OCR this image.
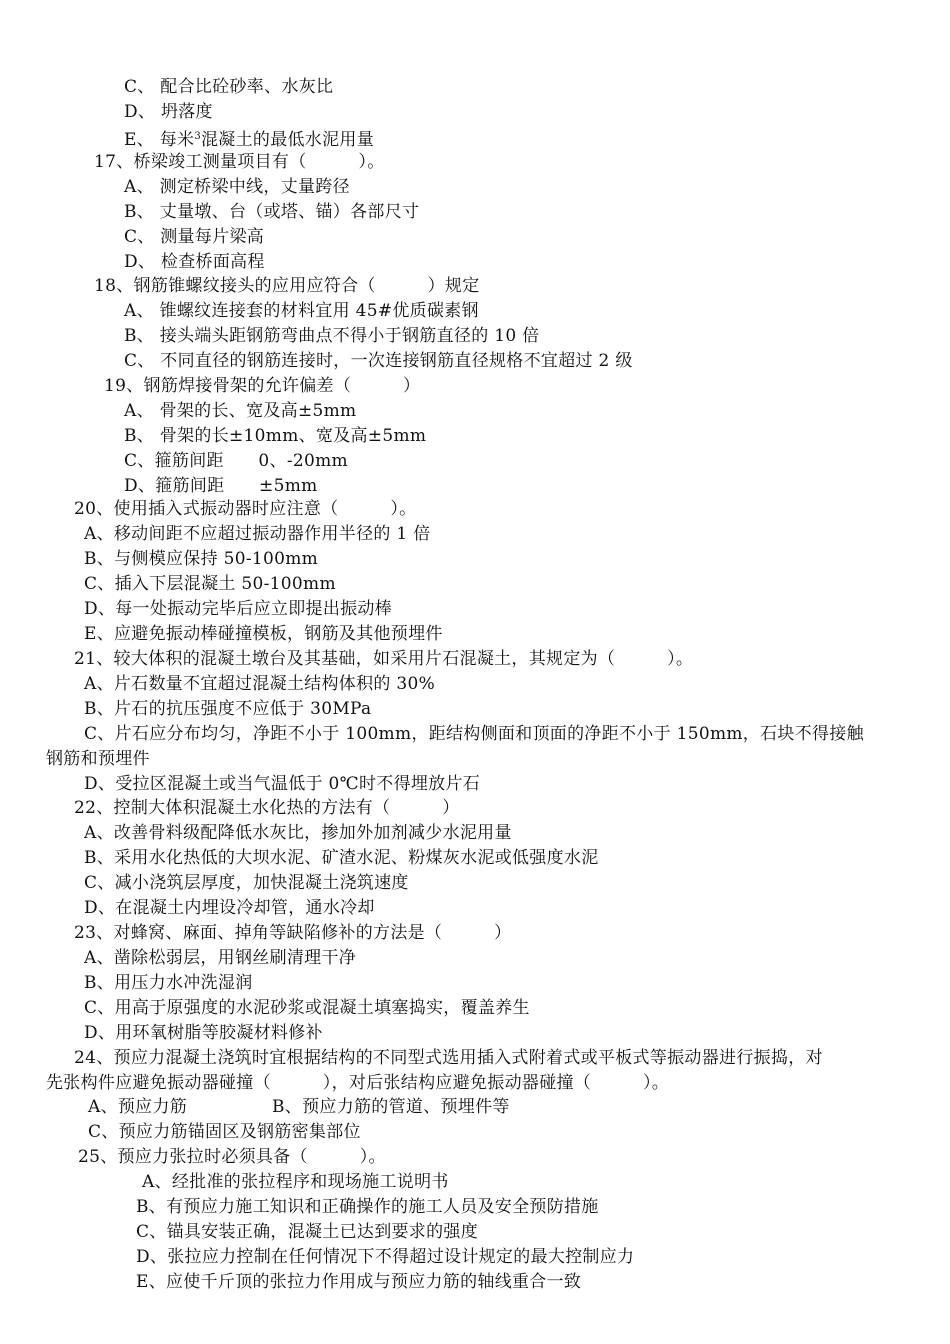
C、 配合比砼砂率、水灰比
D、 坍落度
E、 每米$^3$混凝土的最低水泥用量
17、桥梁竣工测量项目有（　　　）。
A、 测定桥梁中线，丈量跨径
B、 丈量墩、台（或塔、锚）各部尺寸
C、 测量每片梁高
D、 检查桥面高程
18、钢筋锥螺纹接头的应用应符合（　　　）规定
A、 锥螺纹连接套的材料宜用 45#优质碳素钢
B、 接头端头距钢筋弯曲点不得小于钢筋直径的 10 倍
C、 不同直径的钢筋连接时，一次连接钢筋直径规格不宜超过 2 级
19、钢筋焊接骨架的允许偏差（　　　）
A、 骨架的长、宽及高±5mm
B、 骨架的长±10mm、宽及高±5mm
C、箍筋间距　　0、-20mm
D、箍筋间距　　±5mm
20、使用插入式振动器时应注意（　　　）。
A、移动间距不应超过振动器作用半径的 1 倍
B、与侧模应保持 50-100mm
C、插入下层混凝土 50-100mm
D、每一处振动完毕后应立即提出振动棒
E、应避免振动棒碰撞模板，钢筋及其他预埋件
21、较大体积的混凝土墩台及其基础，如采用片石混凝土，其规定为（　　　）。
A、片石数量不宜超过混凝土结构体积的 30%
B、片石的抗压强度不应低于 30MPa
C、片石应分布均匀，净距不小于 100mm，距结构侧面和顶面的净距不小于 150mm，石块不得接触
钢筋和预埋件
D、受拉区混凝土或当气温低于 0℃时不得埋放片石
22、控制大体积混凝土水化热的方法有（　　　）
A、改善骨料级配降低水灰比，掺加外加剂减少水泥用量
B、采用水化热低的大坝水泥、矿渣水泥、粉煤灰水泥或低强度水泥
C、减小浇筑层厚度，加快混凝土浇筑速度
D、在混凝土内埋设冷却管，通水冷却
23、对蜂窝、麻面、掉角等缺陷修补的方法是（　　　）
A、凿除松弱层，用钢丝刷清理干净
B、用压力水冲洗湿润
C、用高于原强度的水泥砂浆或混凝土填塞捣实，覆盖养生
D、用环氧树脂等胶凝材料修补
24、预应力混凝土浇筑时宜根据结构的不同型式选用插入式附着式或平板式等振动器进行振捣，对
先张构件应避免振动器碰撞（　　　），对后张结构应避免振动器碰撞（　　　）。
A、预应力筋	B、预应力筋的管道、预埋件等
C、预应力筋锚固区及钢筋密集部位
25、预应力张拉时必须具备（　　　）。
A、经批准的张拉程序和现场施工说明书
B、有预应力施工知识和正确操作的施工人员及安全预防措施
C、锚具安装正确，混凝土已达到要求的强度
D、张拉应力控制在任何情况下不得超过设计规定的最大控制应力
E、应使千斤顶的张拉力作用成与预应力筋的轴线重合一致
